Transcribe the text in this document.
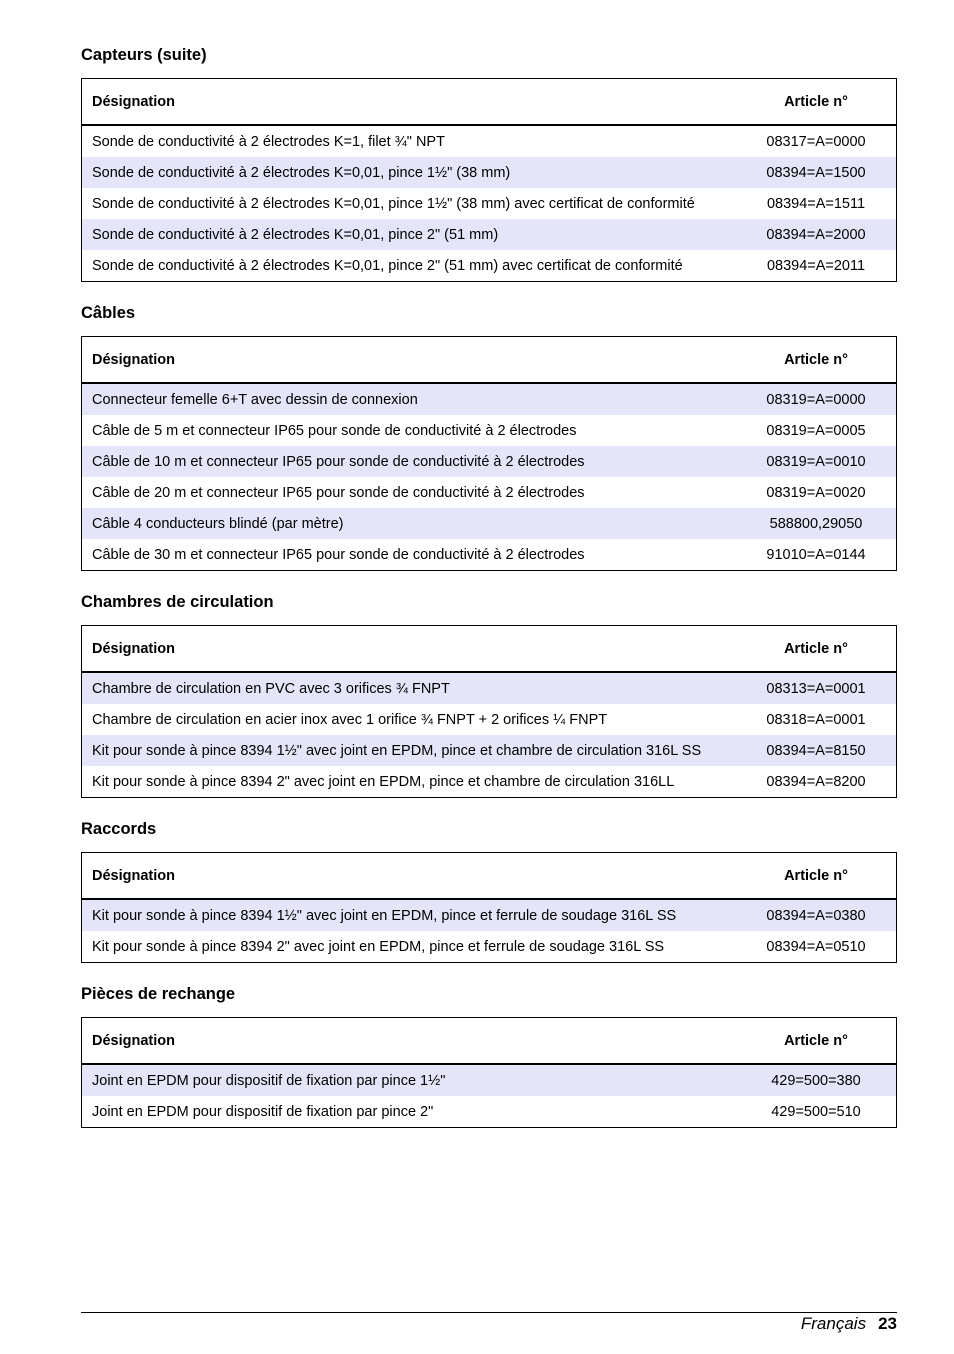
Capteurs (suite)
Désignation	Article n°
Sonde de conductivité à 2 électrodes K=1, filet ¾" NPT	08317=A=0000
Sonde de conductivité à 2 électrodes K=0,01, pince 1½" (38 mm)	08394=A=1500
Sonde de conductivité à 2 électrodes K=0,01, pince 1½" (38 mm) avec certificat de conformité	08394=A=1511
Sonde de conductivité à 2 électrodes K=0,01, pince 2" (51 mm)	08394=A=2000
Sonde de conductivité à 2 électrodes K=0,01, pince 2" (51 mm) avec certificat de conformité	08394=A=2011
Câbles
Désignation	Article n°
Connecteur femelle 6+T avec dessin de connexion	08319=A=0000
Câble de 5 m et connecteur IP65 pour sonde de conductivité à 2 électrodes	08319=A=0005
Câble de 10 m et connecteur IP65 pour sonde de conductivité à 2 électrodes	08319=A=0010
Câble de 20 m et connecteur IP65 pour sonde de conductivité à 2 électrodes	08319=A=0020
Câble 4 conducteurs blindé (par mètre)	588800,29050
Câble de 30 m et connecteur IP65 pour sonde de conductivité à 2 électrodes	91010=A=0144
Chambres de circulation
Désignation	Article n°
Chambre de circulation en PVC avec 3 orifices ¾ FNPT	08313=A=0001
Chambre de circulation en acier inox avec 1 orifice ¾ FNPT + 2 orifices ¼ FNPT	08318=A=0001
Kit pour sonde à pince 8394 1½" avec joint en EPDM, pince et chambre de circulation 316L SS	08394=A=8150
Kit pour sonde à pince 8394 2" avec joint en EPDM, pince et chambre de circulation 316LL	08394=A=8200
Raccords
Désignation	Article n°
Kit pour sonde à pince 8394 1½" avec joint en EPDM, pince et ferrule de soudage 316L SS	08394=A=0380
Kit pour sonde à pince 8394 2" avec joint en EPDM, pince et ferrule de soudage 316L SS	08394=A=0510
Pièces de rechange
Désignation	Article n°
Joint en EPDM pour dispositif de fixation par pince 1½"	429=500=380
Joint en EPDM pour dispositif de fixation par pince 2"	429=500=510
Français 23
